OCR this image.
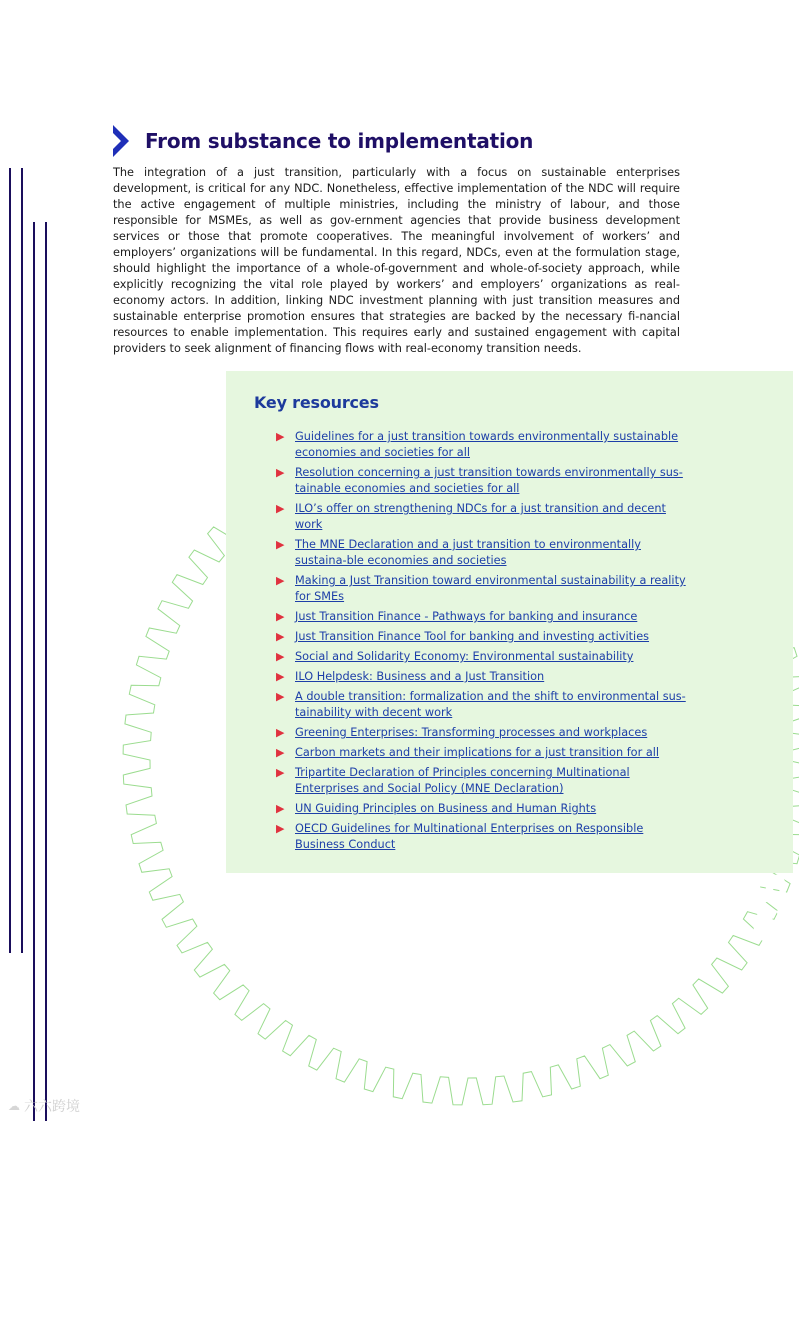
From substance to implementation

The integration of a just transition, particularly with a focus on sustainable enterprises development, is critical for any NDC. Nonetheless, effective implementation of the NDC will require the active engagement of multiple ministries, including the ministry of labour, and those responsible for MSMEs, as well as gov-ernment agencies that provide business development services or those that promote cooperatives. The meaningful involvement of workers’ and employers’ organizations will be fundamental. In this regard, NDCs, even at the formulation stage, should highlight the importance of a whole-of-government and whole-of-society approach, while explicitly recognizing the vital role played by workers’ and employers’ organizations as real-economy actors. In addition, linking NDC investment planning with just transition measures and sustainable enterprise promotion ensures that strategies are backed by the necessary fi-nancial resources to enable implementation. This requires early and sustained engagement with capital providers to seek alignment of financing flows with real-economy transition needs.

Key resources
Key resources
▶ Guidelines for a just transition towards environmentally sustainable economies and societies for all
▶ Resolution concerning a just transition towards environmentally sus-tainable economies and societies for all
▶ ILO’s offer on strengthening NDCs for a just transition and decent work
▶ The MNE Declaration and a just transition to environmentally sustaina-ble economies and societies
▶ Making a Just Transition toward environmental sustainability a reality for SMEs
▶ Just Transition Finance - Pathways for banking and insurance
▶ Just Transition Finance Tool for banking and investing activities
▶ Social and Solidarity Economy: Environmental sustainability
▶ ILO Helpdesk: Business and a Just Transition
▶ A double transition: formalization and the shift to environmental sus-tainability with decent work
▶ Greening Enterprises: Transforming processes and workplaces
▶ Carbon markets and their implications for a just transition for all
▶ Tripartite Declaration of Principles concerning Multinational Enterprises and Social Policy (MNE Declaration)
▶ UN Guiding Principles on Business and Human Rights
▶ OECD Guidelines for Multinational Enterprises on Responsible Business Conduct
☁ 六六跨境
